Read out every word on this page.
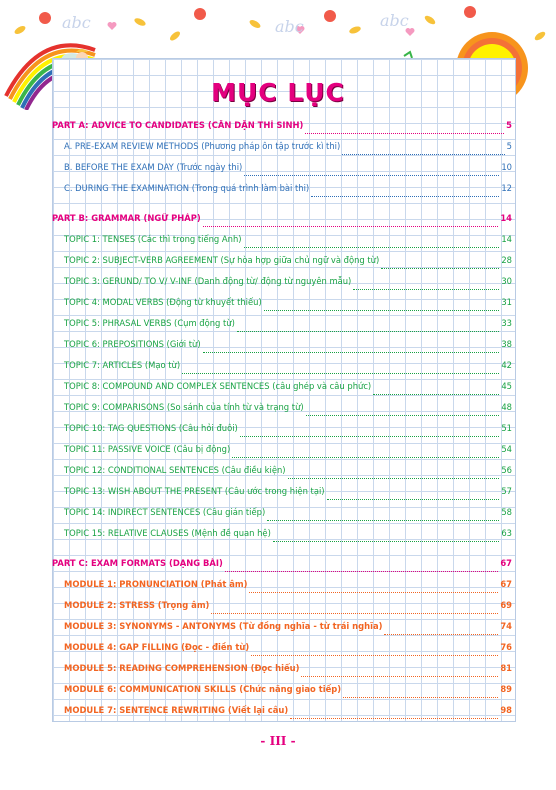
abc	abc	abc
MỤC LỤC
PART A: ADVICE TO CANDIDATES (CĂN DẶN THÍ SINH)	5
A. PRE-EXAM REVIEW METHODS (Phương pháp ôn tập trước kì thi)	5
B. BEFORE THE EXAM DAY (Trước ngày thi)	10
C. DURING THE EXAMINATION (Trong quá trình làm bài thi)	12
PART B: GRAMMAR (NGỮ PHÁP)	14
TOPIC 1: TENSES (Các thì trong tiếng Anh)	14
TOPIC 2: SUBJECT-VERB AGREEMENT (Sự hòa hợp giữa chủ ngữ và động từ)	28
TOPIC 3: GERUND/ TO V/ V-INF (Danh động từ/ động từ nguyên mẫu)	30
TOPIC 4: MODAL VERBS (Động từ khuyết thiếu)	31
TOPIC 5: PHRASAL VERBS (Cụm động từ)	33
TOPIC 6: PREPOSITIONS (Giới từ)	38
TOPIC 7: ARTICLES (Mạo từ)	42
TOPIC 8: COMPOUND AND COMPLEX SENTENCES (câu ghép và câu phức)	45
TOPIC 9: COMPARISONS (So sánh của tính từ và trạng từ)	48
TOPIC 10: TAG QUESTIONS (Câu hỏi đuôi)	51
TOPIC 11: PASSIVE VOICE (Câu bị động)	54
TOPIC 12: CONDITIONAL SENTENCES (Câu điều kiện)	56
TOPIC 13: WISH ABOUT THE PRESENT (Câu ước trong hiện tại)	57
TOPIC 14: INDIRECT SENTENCES (Câu gián tiếp)	58
TOPIC 15: RELATIVE CLAUSES (Mệnh đề quan hệ)	63
PART C: EXAM FORMATS (DẠNG BÀI)	67
MODULE 1: PRONUNCIATION (Phát âm)	67
MODULE 2: STRESS (Trọng âm)	69
MODULE 3: SYNONYMS - ANTONYMS (Từ đồng nghĩa - từ trái nghĩa)	74
MODULE 4: GAP FILLING (Đọc - điền từ)	76
MODULE 5: READING COMPREHENSION (Đọc hiểu)	81
MODULE 6: COMMUNICATION SKILLS (Chức năng giao tiếp)	89
MODULE 7: SENTENCE REWRITING (Viết lại câu)	98
- III -
